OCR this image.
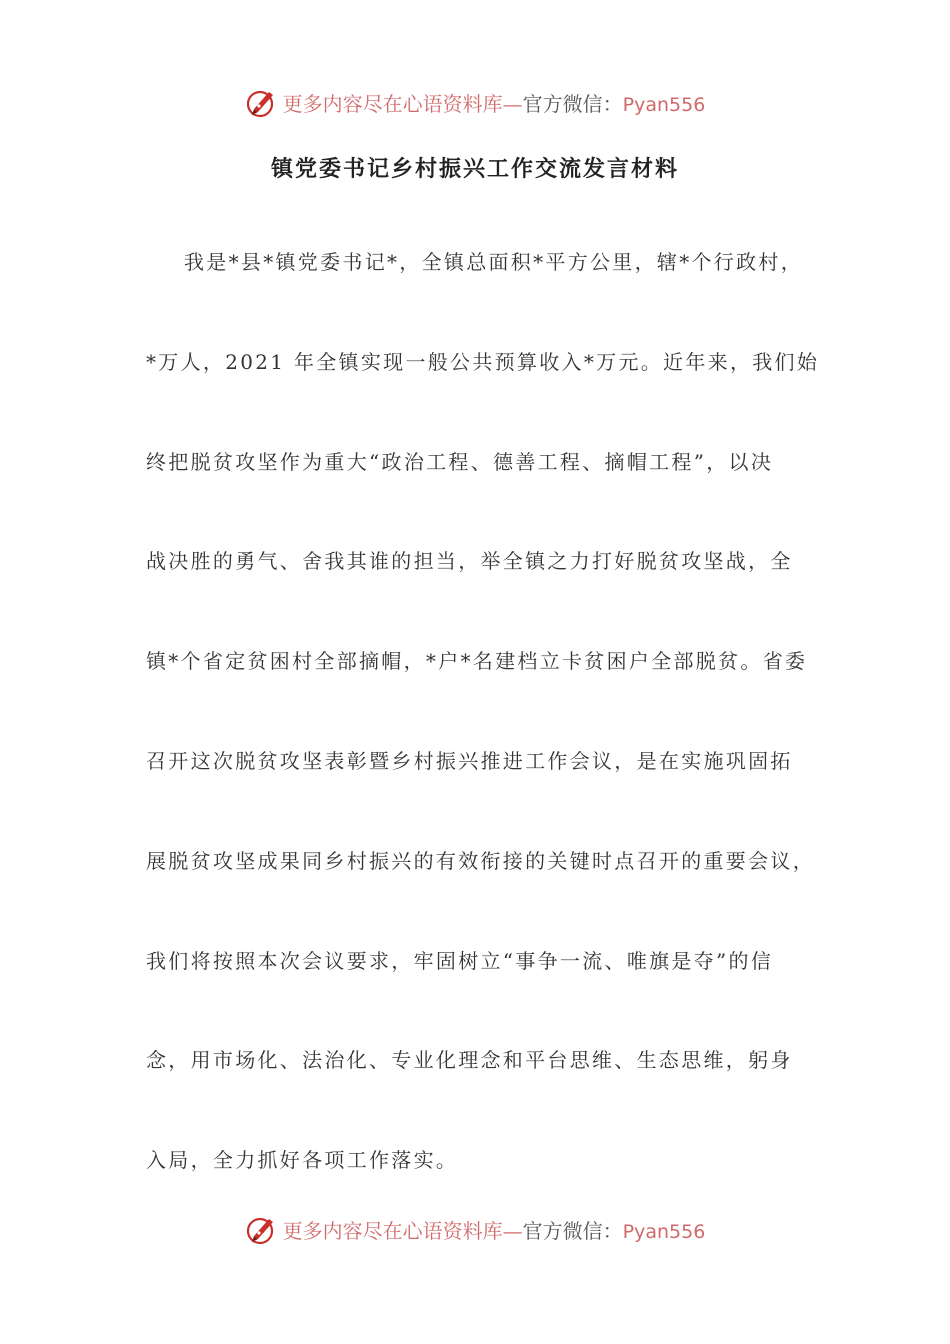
更多内容尽在心语资料库—官方微信：Pyan556
镇党委书记乡村振兴工作交流发言材料
我是*县*镇党委书记*，全镇总面积*平方公里，辖*个行政村，
*万人，2021 年全镇实现一般公共预算收入*万元。近年来，我们始
终把脱贫攻坚作为重大“政治工程、德善工程、摘帽工程”，以决
战决胜的勇气、舍我其谁的担当，举全镇之力打好脱贫攻坚战，全
镇*个省定贫困村全部摘帽，*户*名建档立卡贫困户全部脱贫。省委
召开这次脱贫攻坚表彰暨乡村振兴推进工作会议，是在实施巩固拓
展脱贫攻坚成果同乡村振兴的有效衔接的关键时点召开的重要会议，
我们将按照本次会议要求，牢固树立“事争一流、唯旗是夺”的信
念，用市场化、法治化、专业化理念和平台思维、生态思维，躬身
入局，全力抓好各项工作落实。
更多内容尽在心语资料库—官方微信：Pyan556
